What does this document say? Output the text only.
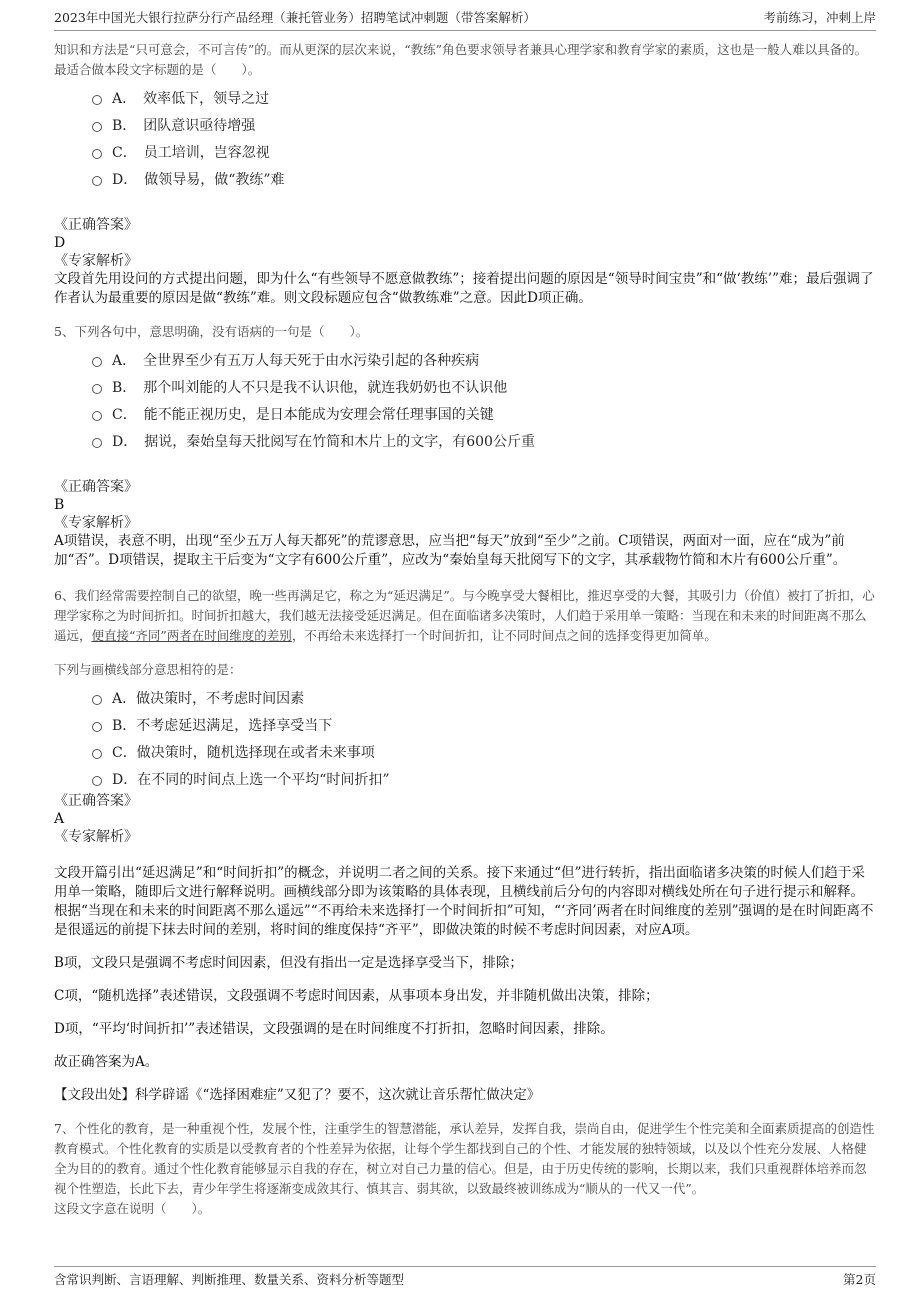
2023年中国光大银行拉萨分行产品经理（兼托管业务）招聘笔试冲刺题（带答案解析）	考前练习，冲刺上岸

知识和方法是“只可意会，不可言传”的。而从更深的层次来说，“教练”角色要求领导者兼具心理学家和教育学家的素质，这也是一般人难以具备的。

最适合做本段文字标题的是（　　）。

A．　效率低下，领导之过
B．　团队意识亟待增强
C．　员工培训，岂容忽视
D．　做领导易，做“教练”难

《正确答案》

D

《专家解析》

文段首先用设问的方式提出问题，即为什么“有些领导不愿意做教练”；接着提出问题的原因是“领导时间宝贵”和“做‘教练’”难；最后强调了作者认为最重要的原因是做“教练”难。则文段标题应包含“做教练难”之意。因此D项正确。

5、下列各句中，意思明确，没有语病的一句是（　　）。

A．　全世界至少有五万人每天死于由水污染引起的各种疾病
B．　那个叫刘能的人不只是我不认识他，就连我奶奶也不认识他
C．　能不能正视历史，是日本能成为安理会常任理事国的关键
D．　据说，秦始皇每天批阅写在竹简和木片上的文字，有600公斤重

《正确答案》

B

《专家解析》

A项错误，表意不明，出现“至少五万人每天都死”的荒谬意思，应当把“每天”放到“至少”之前。C项错误，两面对一面，应在“成为”前加“否”。D项错误，提取主干后变为“文字有600公斤重”，应改为“秦始皇每天批阅写下的文字，其承载物竹简和木片有600公斤重”。

6、我们经常需要控制自己的欲望，晚一些再满足它，称之为“延迟满足”。与今晚享受大餐相比，推迟享受的大餐，其吸引力（价值）被打了折扣，心理学家称之为时间折扣。时间折扣越大，我们越无法接受延迟满足。但在面临诸多决策时，人们趋于采用单一策略：当现在和未来的时间距离不那么遥远，便直接“齐同”两者在时间维度的差别，不再给未来选择打一个时间折扣，让不同时间点之间的选择变得更加简单。

下列与画横线部分意思相符的是：

A．做决策时，不考虑时间因素
B．不考虑延迟满足，选择享受当下
C．做决策时，随机选择现在或者未来事项
D．在不同的时间点上选一个平均“时间折扣”

《正确答案》

A

《专家解析》

文段开篇引出“延迟满足”和“时间折扣”的概念，并说明二者之间的关系。接下来通过“但”进行转折，指出面临诸多决策的时候人们趋于采用单一策略，随即后文进行解释说明。画横线部分即为该策略的具体表现，且横线前后分句的内容即对横线处所在句子进行提示和解释。根据“当现在和未来的时间距离不那么遥远”“不再给未来选择打一个时间折扣”可知，“‘齐同’两者在时间维度的差别”强调的是在时间距离不是很遥远的前提下抹去时间的差别，将时间的维度保持“齐平”，即做决策的时候不考虑时间因素，对应A项。

B项，文段只是强调不考虑时间因素，但没有指出一定是选择享受当下，排除；

C项，“随机选择”表述错误，文段强调不考虑时间因素，从事项本身出发，并非随机做出决策，排除；

D项，“平均‘时间折扣’”表述错误，文段强调的是在时间维度不打折扣，忽略时间因素，排除。

故正确答案为A。

【文段出处】科学辟谣《“选择困难症”又犯了？要不，这次就让音乐帮忙做决定》

7、个性化的教育，是一种重视个性，发展个性，注重学生的智慧潜能，承认差异，发挥自我，崇尚自由，促进学生个性完美和全面素质提高的创造性教育模式。个性化教育的实质是以受教育者的个性差异为依据，让每个学生都找到自己的个性、才能发展的独特领域，以及以个性充分发展、人格健全为目的的教育。通过个性化教育能够显示自我的存在，树立对自己力量的信心。但是，由于历史传统的影响，长期以来，我们只重视群体培养而忽视个性塑造，长此下去，青少年学生将逐渐变成敛其行、慎其言、弱其欲，以致最终被训练成为“顺从的一代又一代”。

这段文字意在说明（　　）。

含常识判断、言语理解、判断推理、数量关系、资料分析等题型	第2页
